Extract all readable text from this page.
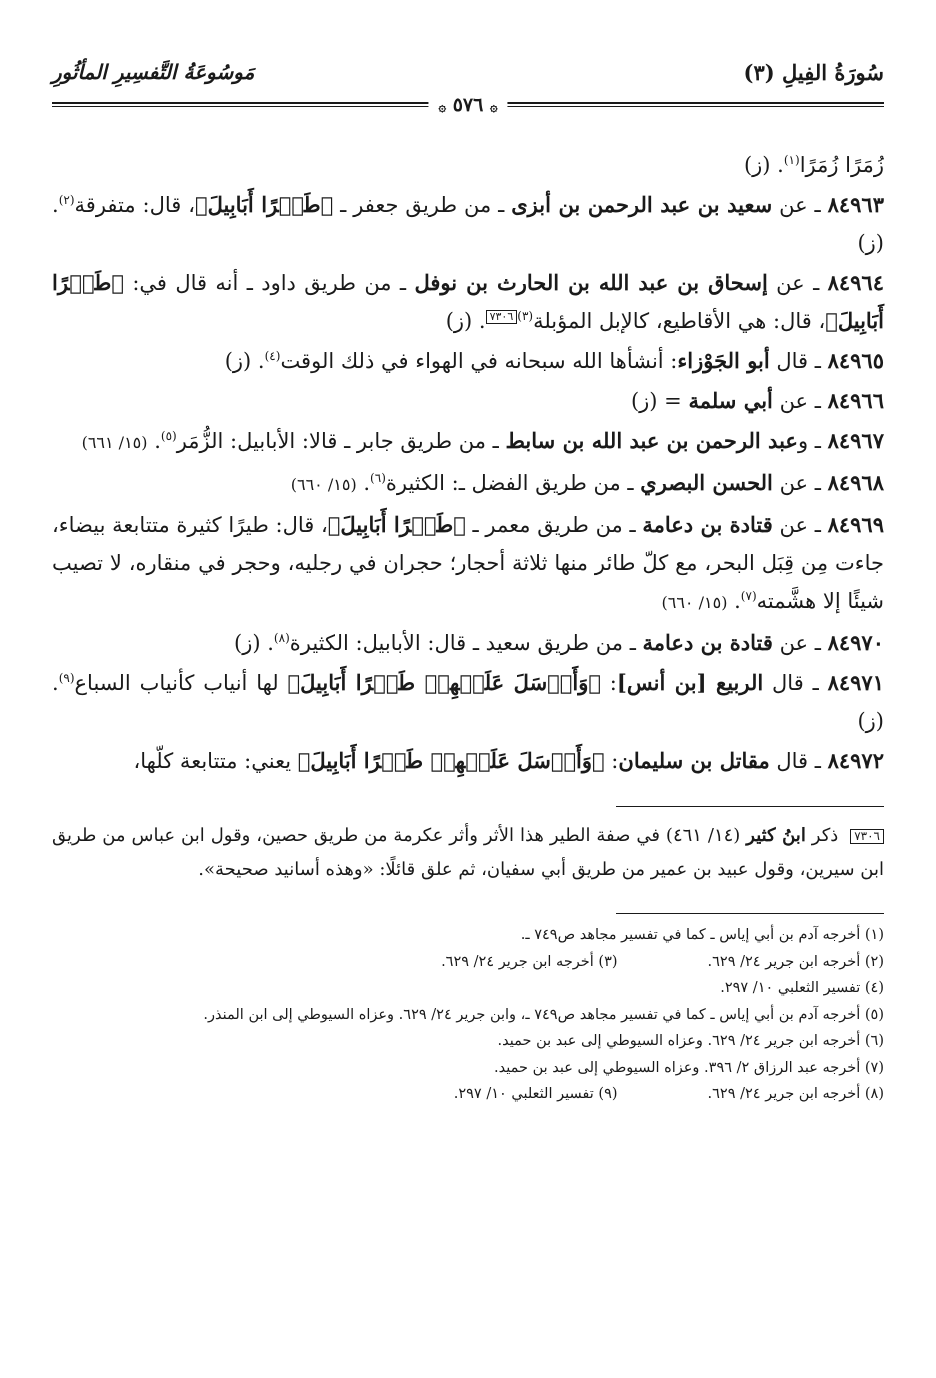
سُورَةُ الفِيلِ (٣)
مَوسُوعَةُ التَّفسِيرِ المأثُورِ
۞ ٥٧٦ ۞

زُمَرًا زُمَرًا$^{(١)}$. (ز)

٨٤٩٦٣ ـ عن سعيد بن عبد الرحمن بن أبزى ـ من طريق جعفر ـ ﴿طَيۡرًا أَبَابِيلَ﴾، قال: متفرقة$^{(٢)}$. (ز)

٨٤٩٦٤ ـ عن إسحاق بن عبد الله بن الحارث بن نوفل ـ من طريق داود ـ أنه قال في: ﴿طَيۡرًا أَبَابِيلَ﴾، قال: هي الأقاطيع، كالإبل المؤبلة$^{(٣)}$٧٣٠٦. (ز)

٨٤٩٦٥ ـ قال أبو الجَوْزاء: أنشأها الله سبحانه في الهواء في ذلك الوقت$^{(٤)}$. (ز)

٨٤٩٦٦ ـ عن أبي سلمة = (ز)

٨٤٩٦٧ ـ وعبد الرحمن بن عبد الله بن سابط ـ من طريق جابر ـ قالا: الأبابيل: الزُّمَر$^{(٥)}$. (١٥/ ٦٦١)

٨٤٩٦٨ ـ عن الحسن البصري ـ من طريق الفضل ـ: الكثيرة$^{(٦)}$. (١٥/ ٦٦٠)

٨٤٩٦٩ ـ عن قتادة بن دعامة ـ من طريق معمر ـ ﴿طَيۡرًا أَبَابِيلَ﴾، قال: طيرًا كثيرة متتابعة بيضاء، جاءت مِن قِبَل البحر، مع كلّ طائر منها ثلاثة أحجار؛ حجران في رجليه، وحجر في منقاره، لا تصيب شيئًا إلا هشَّمته$^{(٧)}$. (١٥/ ٦٦٠)

٨٤٩٧٠ ـ عن قتادة بن دعامة ـ من طريق سعيد ـ قال: الأبابيل: الكثيرة$^{(٨)}$. (ز)

٨٤٩٧١ ـ قال الربيع [بن أنس]: ﴿وَأَرۡسَلَ عَلَيۡهِمۡ طَيۡرًا أَبَابِيلَ﴾ لها أنياب كأنياب السباع$^{(٩)}$. (ز)

٨٤٩٧٢ ـ قال مقاتل بن سليمان: ﴿وَأَرۡسَلَ عَلَيۡهِمۡ طَيۡرًا أَبَابِيلَ﴾ يعني: متتابعة كلّها،

٧٣٠٦ ذكر ابنُ كثير (١٤/ ٤٦١) في صفة الطير هذا الأثر وأثر عكرمة من طريق حصين، وقول ابن عباس من طريق ابن سيرين، وقول عبيد بن عمير من طريق أبي سفيان، ثم علق قائلًا: «وهذه أسانيد صحيحة».
(١) أخرجه آدم بن أبي إياس ـ كما في تفسير مجاهد ص٧٤٩ ـ.
(٢) أخرجه ابن جرير ٢٤/ ٦٢٩.
(٣) أخرجه ابن جرير ٢٤/ ٦٢٩.
(٤) تفسير الثعلبي ١٠/ ٢٩٧.
(٥) أخرجه آدم بن أبي إياس ـ كما في تفسير مجاهد ص٧٤٩ ـ، وابن جرير ٢٤/ ٦٢٩. وعزاه السيوطي إلى ابن المنذر.
(٦) أخرجه ابن جرير ٢٤/ ٦٢٩. وعزاه السيوطي إلى عبد بن حميد.
(٧) أخرجه عبد الرزاق ٢/ ٣٩٦. وعزاه السيوطي إلى عبد بن حميد.
(٨) أخرجه ابن جرير ٢٤/ ٦٢٩.
(٩) تفسير الثعلبي ١٠/ ٢٩٧.
